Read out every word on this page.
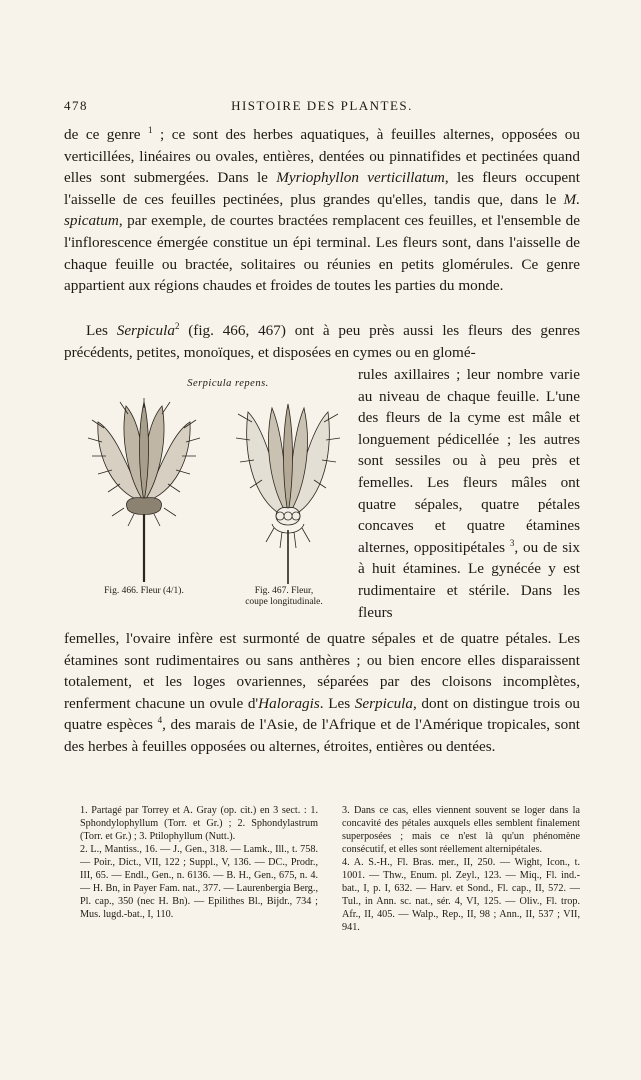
478	HISTOIRE DES PLANTES.

de ce genre $^1$ ; ce sont des herbes aquatiques, à feuilles alternes, opposées ou verticillées, linéaires ou ovales, entières, dentées ou pinnatifides et pectinées quand elles sont submergées. Dans le Myriophyllon verticillatum, les fleurs occupent l'aisselle de ces feuilles pectinées, plus grandes qu'elles, tandis que, dans le M. spicatum, par exemple, de courtes bractées remplacent ces feuilles, et l'ensemble de l'inflorescence émergée constitue un épi terminal. Les fleurs sont, dans l'aisselle de chaque feuille ou bractée, solitaires ou réunies en petits glomérules. Ce genre appartient aux régions chaudes et froides de toutes les parties du monde.

Les Serpicula$^2$ (fig. 466, 467) ont à peu près aussi les fleurs des genres précédents, petites, monoïques, et disposées en cymes ou en glomé-

Serpicula repens.
Fig. 466. Fleur (4/1).	Fig. 467. Fleur,
coupe longitudinale.

rules axillaires ; leur nombre varie au niveau de chaque feuille. L'une des fleurs de la cyme est mâle et longuement pédicellée ; les autres sont sessiles ou à peu près et femelles. Les fleurs mâles ont quatre sépales, quatre pétales concaves et quatre étamines alternes, oppositipétales $^3$, ou de six à huit étamines. Le gynécée y est rudimentaire et stérile. Dans les fleurs

femelles, l'ovaire infère est surmonté de quatre sépales et de quatre pétales. Les étamines sont rudimentaires ou sans anthères ; ou bien encore elles disparaissent totalement, et les loges ovariennes, séparées par des cloisons incomplètes, renferment chacune un ovule d'Haloragis. Les Serpicula, dont on distingue trois ou quatre espèces $^4$, des marais de l'Asie, de l'Afrique et de l'Amérique tropicales, sont des herbes à feuilles opposées ou alternes, étroites, entières ou dentées.

1. Partagé par Torrey et A. Gray (op. cit.) en 3 sect. : 1. Sphondylophyllum (Torr. et Gr.) ; 2. Sphondylastrum (Torr. et Gr.) ; 3. Ptilophyllum (Nutt.).

2. L., Mantiss., 16. — J., Gen., 318. — Lamk., Ill., t. 758. — Poir., Dict., VII, 122 ; Suppl., V, 136. — DC., Prodr., III, 65. — Endl., Gen., n. 6136. — B. H., Gen., 675, n. 4. — H. Bn, in Payer Fam. nat., 377. — Laurenbergia Berg., Pl. cap., 350 (nec H. Bn). — Epilithes Bl., Bijdr., 734 ; Mus. lugd.-bat., I, 110.

3. Dans ce cas, elles viennent souvent se loger dans la concavité des pétales auxquels elles semblent finalement superposées ; mais ce n'est là qu'un phénomène consécutif, et elles sont réellement alternipétales.

4. A. S.-H., Fl. Bras. mer., II, 250. — Wight, Icon., t. 1001. — Thw., Enum. pl. Zeyl., 123. — Miq., Fl. ind.-bat., I, p. I, 632. — Harv. et Sond., Fl. cap., II, 572. — Tul., in Ann. sc. nat., sér. 4, VI, 125. — Oliv., Fl. trop. Afr., II, 405. — Walp., Rep., II, 98 ; Ann., II, 537 ; VII, 941.
